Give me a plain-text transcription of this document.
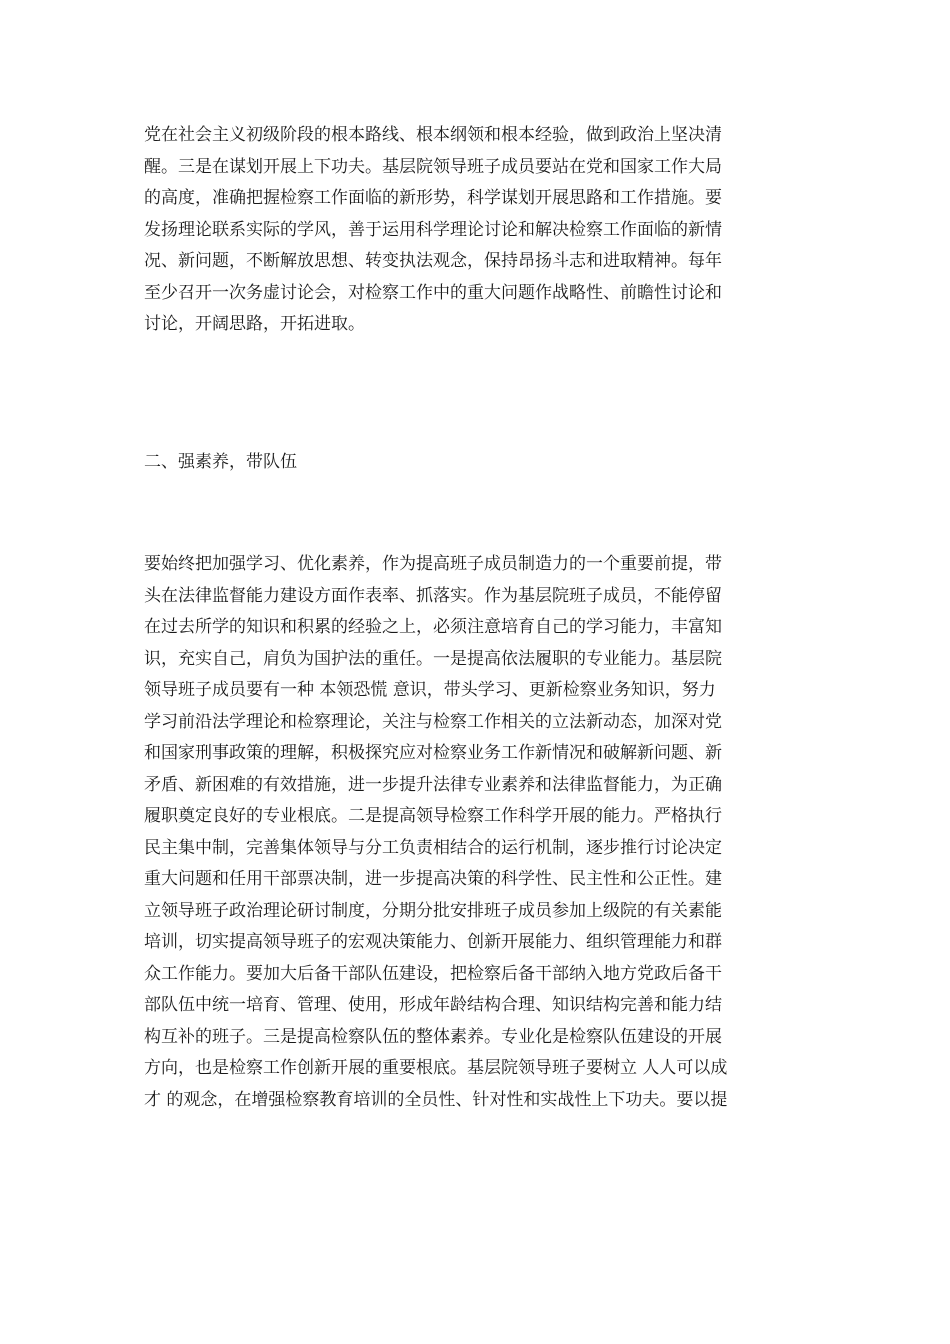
党在社会主义初级阶段的根本路线、根本纲领和根本经验，做到政治上坚决清
醒。三是在谋划开展上下功夫。基层院领导班子成员要站在党和国家工作大局
的高度，准确把握检察工作面临的新形势，科学谋划开展思路和工作措施。要
发扬理论联系实际的学风，善于运用科学理论讨论和解决检察工作面临的新情
况、新问题，不断解放思想、转变执法观念，保持昂扬斗志和进取精神。每年
至少召开一次务虚讨论会，对检察工作中的重大问题作战略性、前瞻性讨论和
讨论，开阔思路，开拓进取。
二、强素养，带队伍
要始终把加强学习、优化素养，作为提高班子成员制造力的一个重要前提，带
头在法律监督能力建设方面作表率、抓落实。作为基层院班子成员，不能停留
在过去所学的知识和积累的经验之上，必须注意培育自己的学习能力，丰富知
识，充实自己，肩负为国护法的重任。一是提高依法履职的专业能力。基层院
领导班子成员要有一种 本领恐慌 意识，带头学习、更新检察业务知识，努力
学习前沿法学理论和检察理论，关注与检察工作相关的立法新动态，加深对党
和国家刑事政策的理解，积极探究应对检察业务工作新情况和破解新问题、新
矛盾、新困难的有效措施，进一步提升法律专业素养和法律监督能力，为正确
履职奠定良好的专业根底。二是提高领导检察工作科学开展的能力。严格执行
民主集中制，完善集体领导与分工负责相结合的运行机制，逐步推行讨论决定
重大问题和任用干部票决制，进一步提高决策的科学性、民主性和公正性。建
立领导班子政治理论研讨制度，分期分批安排班子成员参加上级院的有关素能
培训，切实提高领导班子的宏观决策能力、创新开展能力、组织管理能力和群
众工作能力。要加大后备干部队伍建设，把检察后备干部纳入地方党政后备干
部队伍中统一培育、管理、使用，形成年龄结构合理、知识结构完善和能力结
构互补的班子。三是提高检察队伍的整体素养。专业化是检察队伍建设的开展
方向，也是检察工作创新开展的重要根底。基层院领导班子要树立 人人可以成
才 的观念，在增强检察教育培训的全员性、针对性和实战性上下功夫。要以提
